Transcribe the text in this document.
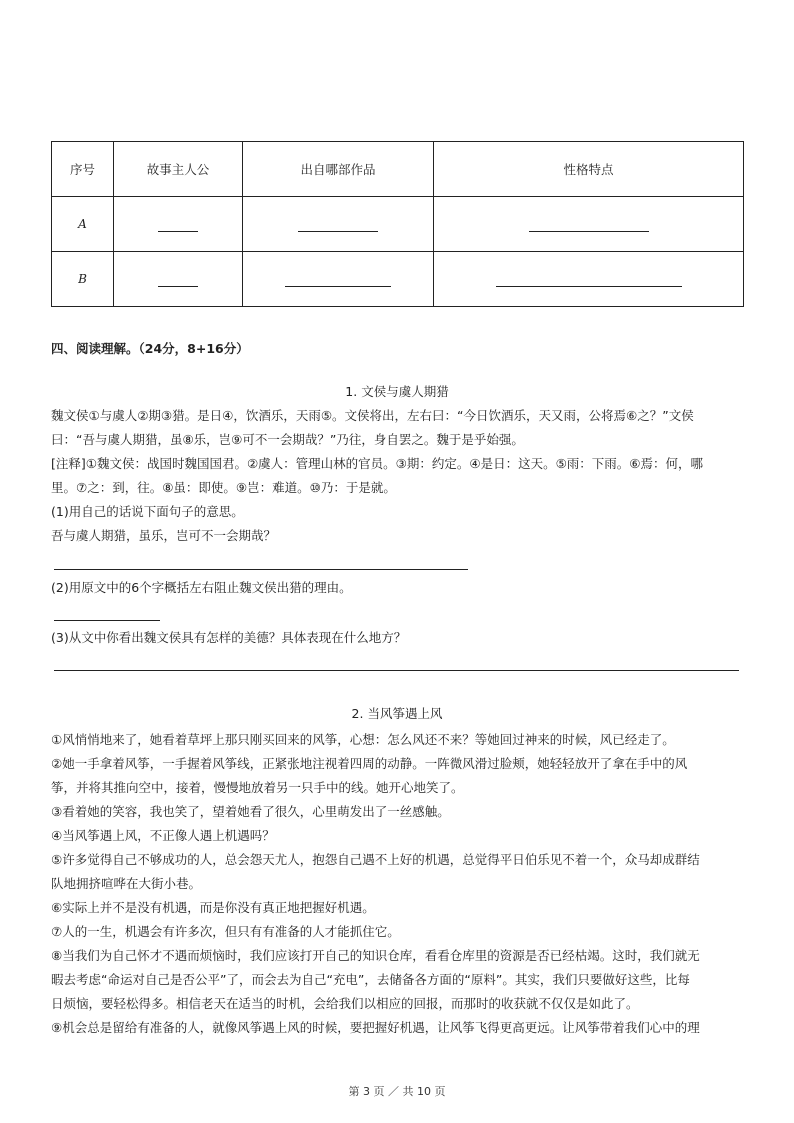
序号	故事主人公	出自哪部作品	性格特点
A			
B			
四、阅读理解。（24分，8+16分）
1. 文侯与虞人期猎
魏文侯①与虞人②期③猎。是日④，饮酒乐，天雨⑤。文侯将出，左右曰：“今日饮酒乐，天又雨，公将焉⑥之？”文侯
曰：“吾与虞人期猎，虽⑧乐，岂⑨可不一会期哉？”乃往，身自罢之。魏于是乎始强。
[注释]①魏文侯：战国时魏国国君。②虞人：管理山林的官员。③期：约定。④是日：这天。⑤雨：下雨。⑥焉：何，哪
里。⑦之：到，往。⑧虽：即使。⑨岂：难道。⑩乃：于是就。
(1)用自己的话说下面句子的意思。
吾与虞人期猎，虽乐，岂可不一会期哉？
(2)用原文中的6个字概括左右阻止魏文侯出猎的理由。
(3)从文中你看出魏文侯具有怎样的美德？具体表现在什么地方？
2. 当风筝遇上风
①风悄悄地来了，她看着草坪上那只刚买回来的风筝，心想：怎么风还不来？等她回过神来的时候，风已经走了。
②她一手拿着风筝，一手握着风筝线，正紧张地注视着四周的动静。一阵微风滑过脸颊，她轻轻放开了拿在手中的风
筝，并将其推向空中，接着，慢慢地放着另一只手中的线。她开心地笑了。
③看着她的笑容，我也笑了，望着她看了很久，心里萌发出了一丝感触。
④当风筝遇上风，不正像人遇上机遇吗？
⑤许多觉得自己不够成功的人，总会怨天尤人，抱怨自己遇不上好的机遇，总觉得平日伯乐见不着一个，众马却成群结
队地拥挤喧哗在大街小巷。
⑥实际上并不是没有机遇，而是你没有真正地把握好机遇。
⑦人的一生，机遇会有许多次，但只有有准备的人才能抓住它。
⑧当我们为自己怀才不遇而烦恼时，我们应该打开自己的知识仓库，看看仓库里的资源是否已经枯竭。这时，我们就无
暇去考虑“命运对自己是否公平”了，而会去为自己“充电”，去储备各方面的“原料”。其实，我们只要做好这些，比每
日烦恼，要轻松得多。相信老天在适当的时机，会给我们以相应的回报，而那时的收获就不仅仅是如此了。
⑨机会总是留给有准备的人，就像风筝遇上风的时候，要把握好机遇，让风筝飞得更高更远。让风筝带着我们心中的理
第 3 页 ／ 共 10 页
